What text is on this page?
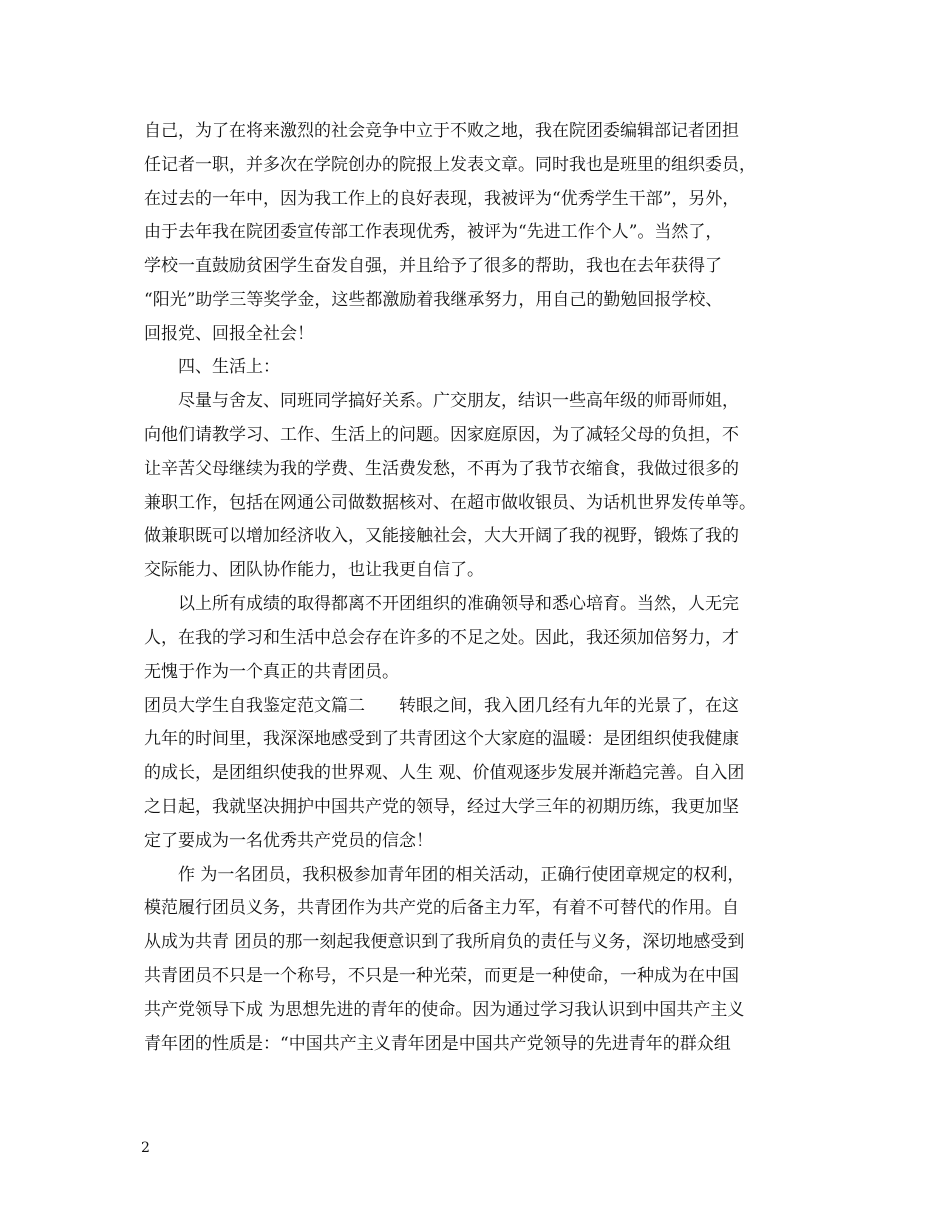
自己，为了在将来激烈的社会竞争中立于不败之地，我在院团委编辑部记者团担
任记者一职，并多次在学院创办的院报上发表文章。同时我也是班里的组织委员，
在过去的一年中，因为我工作上的良好表现，我被评为“优秀学生干部”，另外，
由于去年我在院团委宣传部工作表现优秀，被评为“先进工作个人”。当然了，
学校一直鼓励贫困学生奋发自强，并且给予了很多的帮助，我也在去年获得了
“阳光”助学三等奖学金，这些都激励着我继承努力，用自己的勤勉回报学校、
回报党、回报全社会！
　　四、生活上：
　　尽量与舍友、同班同学搞好关系。广交朋友，结识一些高年级的师哥师姐，
向他们请教学习、工作、生活上的问题。因家庭原因，为了减轻父母的负担，不
让辛苦父母继续为我的学费、生活费发愁，不再为了我节衣缩食，我做过很多的
兼职工作，包括在网通公司做数据核对、在超市做收银员、为话机世界发传单等。
做兼职既可以增加经济收入，又能接触社会，大大开阔了我的视野，锻炼了我的
交际能力、团队协作能力，也让我更自信了。
　　以上所有成绩的取得都离不开团组织的准确领导和悉心培育。当然，人无完
人，在我的学习和生活中总会存在许多的不足之处。因此，我还须加倍努力，才
无愧于作为一个真正的共青团员。
团员大学生自我鉴定范文篇二　　转眼之间，我入团几经有九年的光景了，在这
九年的时间里，我深深地感受到了共青团这个大家庭的温暖：是团组织使我健康
的成长，是团组织使我的世界观、人生 观、价值观逐步发展并渐趋完善。自入团
之日起，我就坚决拥护中国共产党的领导，经过大学三年的初期历练，我更加坚
定了要成为一名优秀共产党员的信念！
　　作 为一名团员，我积极参加青年团的相关活动，正确行使团章规定的权利，
模范履行团员义务，共青团作为共产党的后备主力军，有着不可替代的作用。自
从成为共青 团员的那一刻起我便意识到了我所肩负的责任与义务，深切地感受到
共青团员不只是一个称号，不只是一种光荣，而更是一种使命，一种成为在中国
共产党领导下成 为思想先进的青年的使命。因为通过学习我认识到中国共产主义
青年团的性质是：“中国共产主义青年团是中国共产党领导的先进青年的群众组
2
